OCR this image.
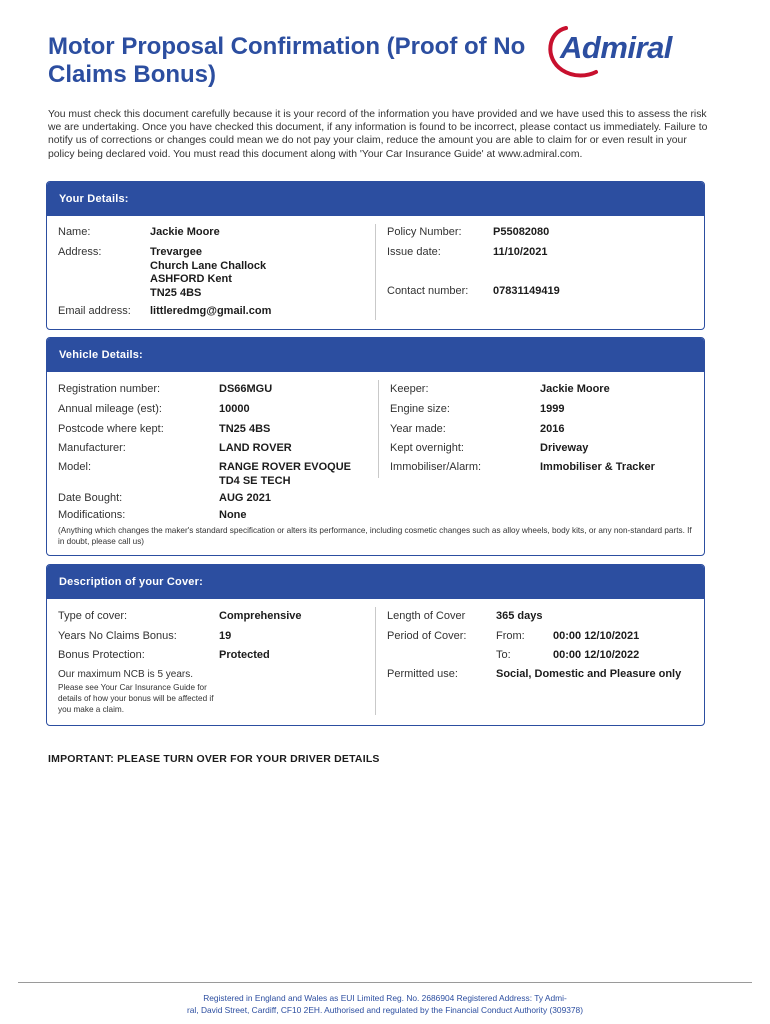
Motor Proposal Confirmation (Proof of No Claims Bonus)
Admiral
You must check this document carefully because it is your record of the information you have provided and we have used this to assess the risk we are undertaking. Once you have checked this document, if any information is found to be incorrect, please contact us immediately. Failure to notify us of corrections or changes could mean we do not pay your claim, reduce the amount you are able to claim for or even result in your policy being declared void. You must read this document along with 'Your Car Insurance Guide' at www.admiral.com.
Your Details:
Name:	Jackie Moore
Address:	Trevargee
Church Lane Challock
ASHFORD Kent
TN25 4BS
Email address: littleredmg@gmail.com
Policy Number:	P55082080
Issue date:	11/10/2021
Contact number: 07831149419
Vehicle Details:
Registration number:	DS66MGU
Annual mileage (est):	10000
Postcode where kept:	TN25 4BS
Manufacturer:	LAND ROVER
Model:	RANGE ROVER EVOQUE
TD4 SE TECH
Date Bought:	AUG 2021
Modifications:	None
Keeper:	Jackie Moore
Engine size:	1999
Year made:	2016
Kept overnight:	Driveway
Immobiliser/Alarm:	Immobiliser & Tracker
(Anything which changes the maker's standard specification or alters its performance, including cosmetic changes such as alloy wheels, body kits, or any non-standard parts. If in doubt, please call us)
Description of your Cover:
Type of cover:	Comprehensive
Years No Claims Bonus:	19
Bonus Protection:	Protected
Our maximum NCB is 5 years.
Please see Your Car Insurance Guide for details of how your bonus will be affected if you make a claim.
Length of Cover	365 days
Period of Cover:	From:	00:00 12/10/2021
To:	00:00 12/10/2022
Permitted use:	Social, Domestic and Pleasure only
IMPORTANT: PLEASE TURN OVER FOR YOUR DRIVER DETAILS
Registered in England and Wales as EUI Limited Reg. No. 2686904 Registered Address: Ty Admi-
ral, David Street, Cardiff, CF10 2EH. Authorised and regulated by the Financial Conduct Authority (309378)
